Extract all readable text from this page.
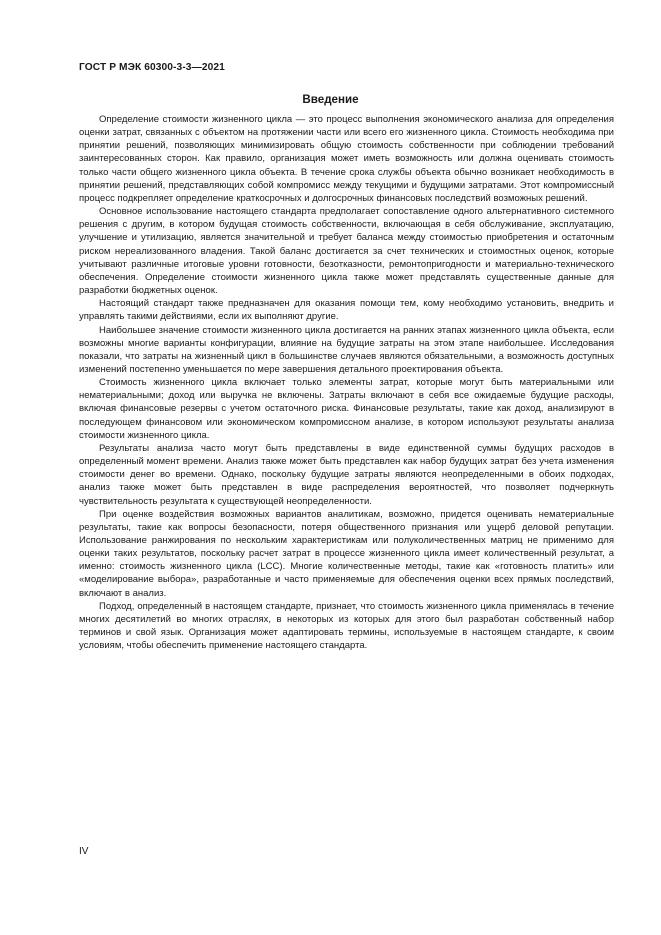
ГОСТ Р МЭК 60300-3-3—2021
Введение

Определение стоимости жизненного цикла — это процесс выполнения экономического анализа для определения оценки затрат, связанных с объектом на протяжении части или всего его жизненного цикла. Стоимость необходима при принятии решений, позволяющих минимизировать общую стоимость собственности при соблюдении требований заинтересованных сторон. Как правило, организация может иметь возможность или должна оценивать стоимость только части общего жизненного цикла объекта. В течение срока службы объекта обычно возникает необходимость в принятии решений, представляющих собой компромисс между текущими и будущими затратами. Этот компромиссный процесс подкрепляет определение краткосрочных и долгосрочных финансовых последствий возможных решений.

Основное использование настоящего стандарта предполагает сопоставление одного альтернативного системного решения с другим, в котором будущая стоимость собственности, включающая в себя обслуживание, эксплуатацию, улучшение и утилизацию, является значительной и требует баланса между стоимостью приобретения и остаточным риском нереализованного владения. Такой баланс достигается за счет технических и стоимостных оценок, которые учитывают различные итоговые уровни готовности, безотказности, ремонтопригодности и материально-технического обеспечения. Определение стоимости жизненного цикла также может представлять существенные данные для разработки бюджетных оценок.

Настоящий стандарт также предназначен для оказания помощи тем, кому необходимо установить, внедрить и управлять такими действиями, если их выполняют другие.

Наибольшее значение стоимости жизненного цикла достигается на ранних этапах жизненного цикла объекта, если возможны многие варианты конфигурации, влияние на будущие затраты на этом этапе наибольшее. Исследования показали, что затраты на жизненный цикл в большинстве случаев являются обязательными, а возможность доступных изменений постепенно уменьшается по мере завершения детального проектирования объекта.

Стоимость жизненного цикла включает только элементы затрат, которые могут быть материальными или нематериальными; доход или выручка не включены. Затраты включают в себя все ожидаемые будущие расходы, включая финансовые резервы с учетом остаточного риска. Финансовые результаты, такие как доход, анализируют в последующем финансовом или экономическом компромиссном анализе, в котором используют результаты анализа стоимости жизненного цикла.

Результаты анализа часто могут быть представлены в виде единственной суммы будущих расходов в определенный момент времени. Анализ также может быть представлен как набор будущих затрат без учета изменения стоимости денег во времени. Однако, поскольку будущие затраты являются неопределенными в обоих подходах, анализ также может быть представлен в виде распределения вероятностей, что позволяет подчеркнуть чувствительность результата к существующей неопределенности.

При оценке воздействия возможных вариантов аналитикам, возможно, придется оценивать нематериальные результаты, такие как вопросы безопасности, потеря общественного признания или ущерб деловой репутации. Использование ранжирования по нескольким характеристикам или полуколичественных матриц не применимо для оценки таких результатов, поскольку расчет затрат в процессе жизненного цикла имеет количественный результат, а именно: стоимость жизненного цикла (LCC). Многие количественные методы, такие как «готовность платить» или «моделирование выбора», разработанные и часто применяемые для обеспечения оценки всех прямых последствий, включают в анализ.

Подход, определенный в настоящем стандарте, признает, что стоимость жизненного цикла применялась в течение многих десятилетий во многих отраслях, в некоторых из которых для этого был разработан собственный набор терминов и свой язык. Организация может адаптировать термины, используемые в настоящем стандарте, к своим условиям, чтобы обеспечить применение настоящего стандарта.

IV
